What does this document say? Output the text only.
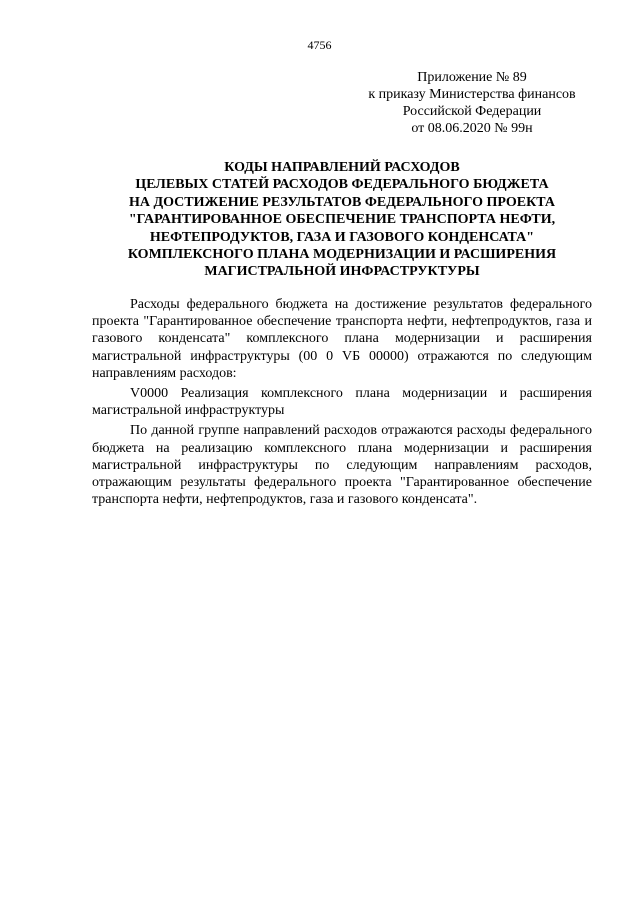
4756
Приложение № 89
к приказу Министерства финансов
Российской Федерации
от 08.06.2020 № 99н
КОДЫ НАПРАВЛЕНИЙ РАСХОДОВ
ЦЕЛЕВЫХ СТАТЕЙ РАСХОДОВ ФЕДЕРАЛЬНОГО БЮДЖЕТА
НА ДОСТИЖЕНИЕ РЕЗУЛЬТАТОВ ФЕДЕРАЛЬНОГО ПРОЕКТА
"ГАРАНТИРОВАННОЕ ОБЕСПЕЧЕНИЕ ТРАНСПОРТА НЕФТИ,
НЕФТЕПРОДУКТОВ, ГАЗА И ГАЗОВОГО КОНДЕНСАТА"
КОМПЛЕКСНОГО ПЛАНА МОДЕРНИЗАЦИИ И РАСШИРЕНИЯ
МАГИСТРАЛЬНОЙ ИНФРАСТРУКТУРЫ

Расходы федерального бюджета на достижение результатов федерального проекта "Гарантированное обеспечение транспорта нефти, нефтепродуктов, газа и газового конденсата" комплексного плана модернизации и расширения магистральной инфраструктуры (00 0 VБ 00000) отражаются по следующим направлениям расходов:

V0000 Реализация комплексного плана модернизации и расширения магистральной инфраструктуры

По данной группе направлений расходов отражаются расходы федерального бюджета на реализацию комплексного плана модернизации и расширения магистральной инфраструктуры по следующим направлениям расходов, отражающим результаты федерального проекта "Гарантированное обеспечение транспорта нефти, нефтепродуктов, газа и газового конденсата".
